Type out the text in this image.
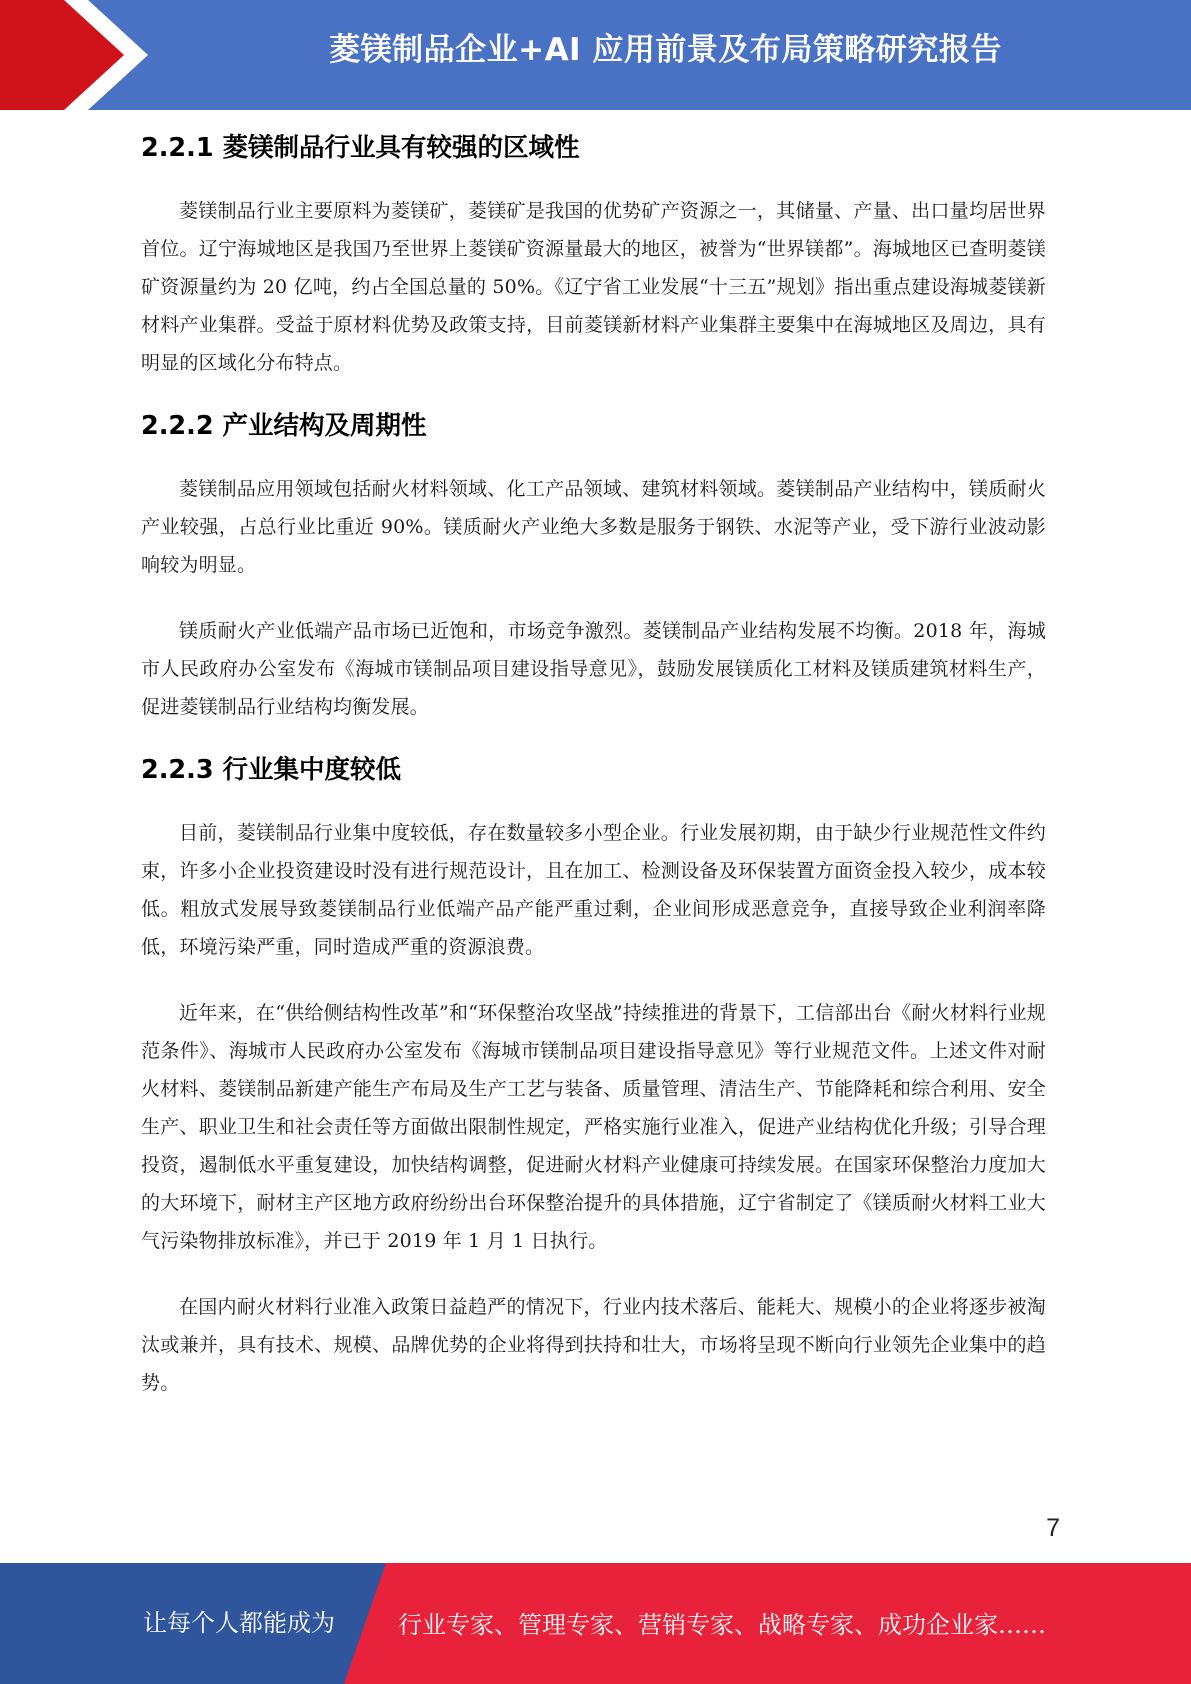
菱镁制品企业+AI 应用前景及布局策略研究报告
2.2.1 菱镁制品行业具有较强的区域性

菱镁制品行业主要原料为菱镁矿，菱镁矿是我国的优势矿产资源之一，其储量、产量、出口量均居世界首位。辽宁海城地区是我国乃至世界上菱镁矿资源量最大的地区，被誉为“世界镁都”。海城地区已查明菱镁矿资源量约为 20 亿吨，约占全国总量的 50%。《辽宁省工业发展“十三五”规划》指出重点建设海城菱镁新材料产业集群。受益于原材料优势及政策支持，目前菱镁新材料产业集群主要集中在海城地区及周边，具有明显的区域化分布特点。

2.2.2 产业结构及周期性

菱镁制品应用领域包括耐火材料领域、化工产品领域、建筑材料领域。菱镁制品产业结构中，镁质耐火产业较强，占总行业比重近 90%。镁质耐火产业绝大多数是服务于钢铁、水泥等产业，受下游行业波动影响较为明显。

镁质耐火产业低端产品市场已近饱和，市场竞争激烈。菱镁制品产业结构发展不均衡。2018 年，海城市人民政府办公室发布《海城市镁制品项目建设指导意见》，鼓励发展镁质化工材料及镁质建筑材料生产，促进菱镁制品行业结构均衡发展。

2.2.3 行业集中度较低

目前，菱镁制品行业集中度较低，存在数量较多小型企业。行业发展初期，由于缺少行业规范性文件约束，许多小企业投资建设时没有进行规范设计，且在加工、检测设备及环保装置方面资金投入较少，成本较低。粗放式发展导致菱镁制品行业低端产品产能严重过剩，企业间形成恶意竞争，直接导致企业利润率降低，环境污染严重，同时造成严重的资源浪费。

近年来，在“供给侧结构性改革”和“环保整治攻坚战”持续推进的背景下，工信部出台《耐火材料行业规范条件》、海城市人民政府办公室发布《海城市镁制品项目建设指导意见》等行业规范文件。上述文件对耐火材料、菱镁制品新建产能生产布局及生产工艺与装备、质量管理、清洁生产、节能降耗和综合利用、安全生产、职业卫生和社会责任等方面做出限制性规定，严格实施行业准入，促进产业结构优化升级；引导合理投资，遏制低水平重复建设，加快结构调整，促进耐火材料产业健康可持续发展。在国家环保整治力度加大的大环境下，耐材主产区地方政府纷纷出台环保整治提升的具体措施，辽宁省制定了《镁质耐火材料工业大气污染物排放标准》，并已于 2019 年 1 月 1 日执行。

在国内耐火材料行业准入政策日益趋严的情况下，行业内技术落后、能耗大、规模小的企业将逐步被淘汰或兼并，具有技术、规模、品牌优势的企业将得到扶持和壮大，市场将呈现不断向行业领先企业集中的趋势。

7
让每个人都能成为	行业专家、管理专家、营销专家、战略专家、成功企业家……
